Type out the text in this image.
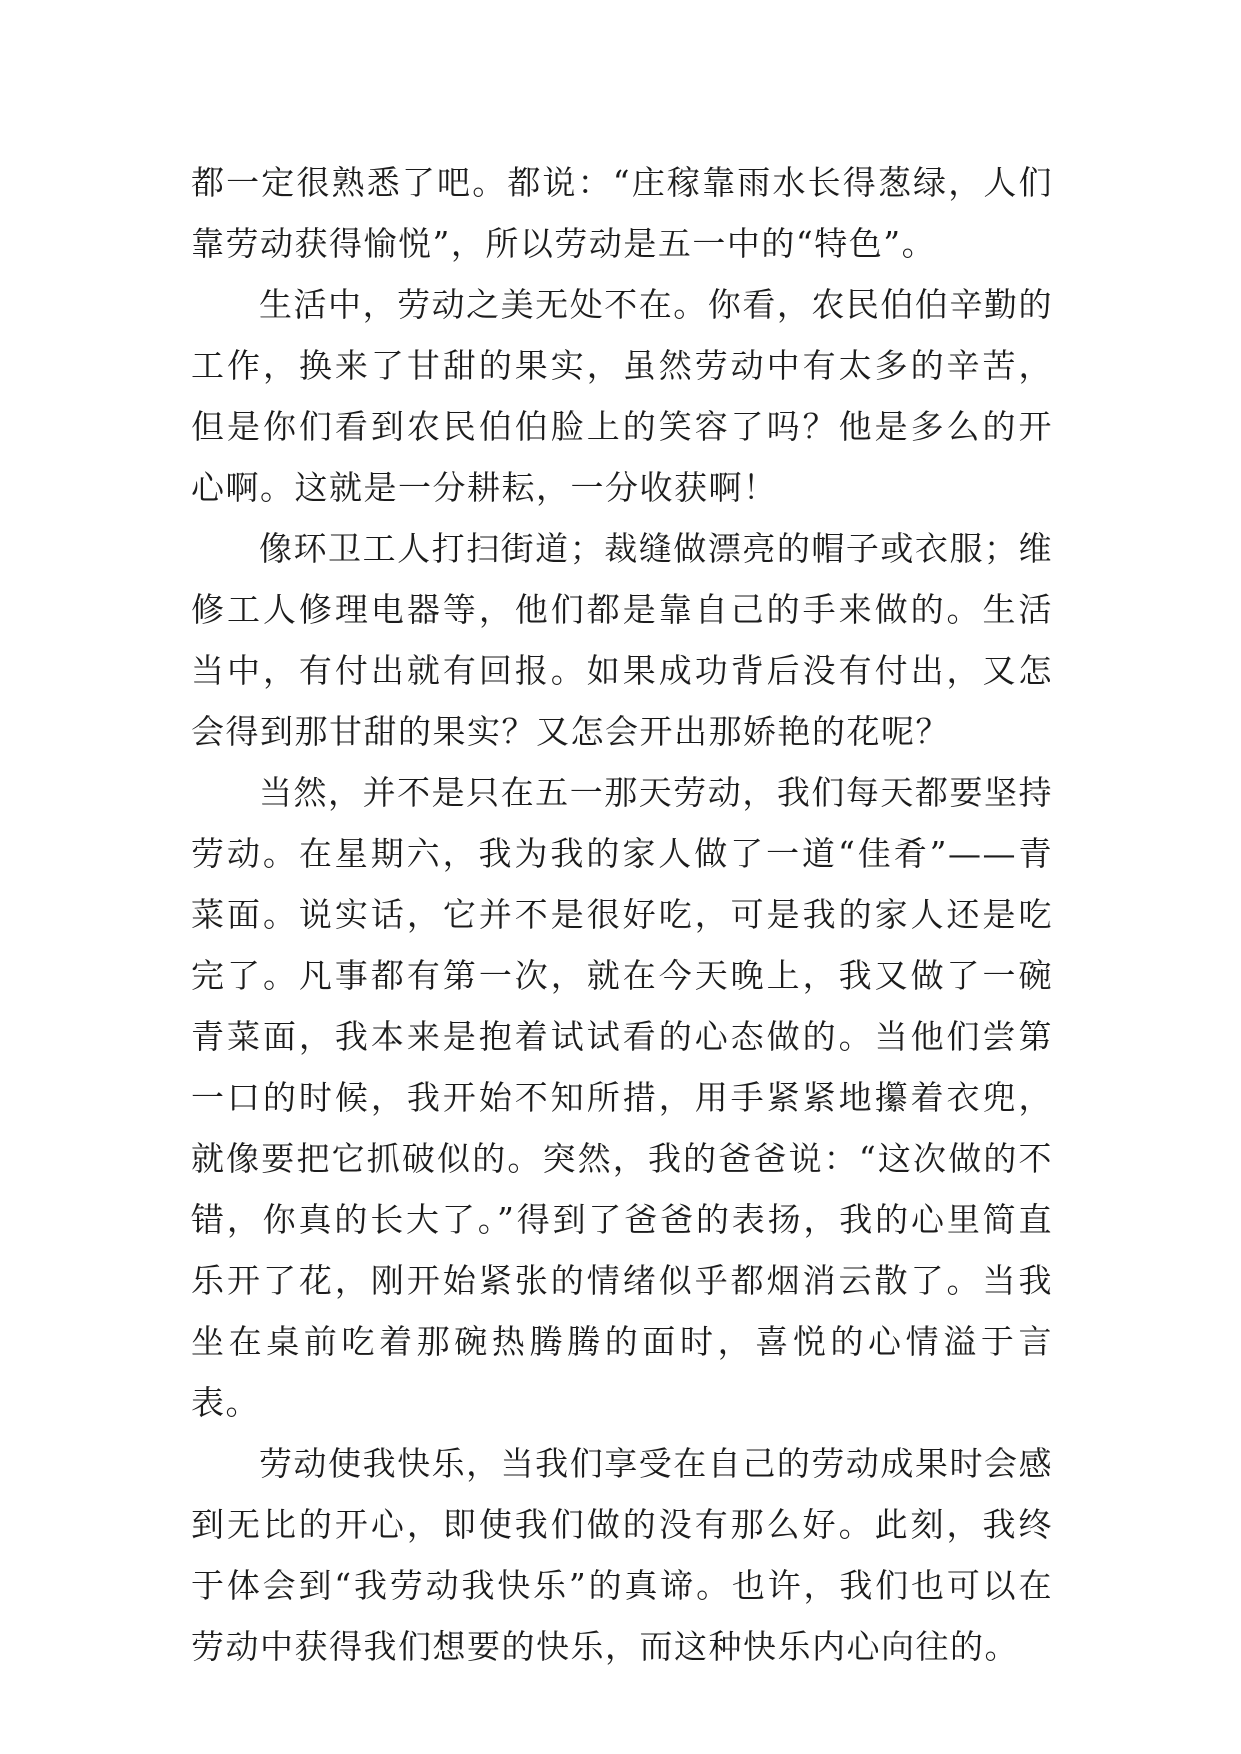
都一定很熟悉了吧。都说：“庄稼靠雨水长得葱绿，人们靠劳动获得愉悦”，所以劳动是五一中的“特色”。

生活中，劳动之美无处不在。你看，农民伯伯辛勤的工作，换来了甘甜的果实，虽然劳动中有太多的辛苦，但是你们看到农民伯伯脸上的笑容了吗？他是多么的开心啊。这就是一分耕耘，一分收获啊！

像环卫工人打扫街道；裁缝做漂亮的帽子或衣服；维修工人修理电器等，他们都是靠自己的手来做的。生活当中，有付出就有回报。如果成功背后没有付出，又怎会得到那甘甜的果实？又怎会开出那娇艳的花呢？

当然，并不是只在五一那天劳动，我们每天都要坚持劳动。在星期六，我为我的家人做了一道“佳肴”——青菜面。说实话，它并不是很好吃，可是我的家人还是吃完了。凡事都有第一次，就在今天晚上，我又做了一碗青菜面，我本来是抱着试试看的心态做的。当他们尝第一口的时候，我开始不知所措，用手紧紧地攥着衣兜，就像要把它抓破似的。突然，我的爸爸说：“这次做的不错，你真的长大了。”得到了爸爸的表扬，我的心里简直乐开了花，刚开始紧张的情绪似乎都烟消云散了。当我坐在桌前吃着那碗热腾腾的面时，喜悦的心情溢于言表。

劳动使我快乐，当我们享受在自己的劳动成果时会感到无比的开心，即使我们做的没有那么好。此刻，我终于体会到“我劳动我快乐”的真谛。也许，我们也可以在劳动中获得我们想要的快乐，而这种快乐内心向往的。
